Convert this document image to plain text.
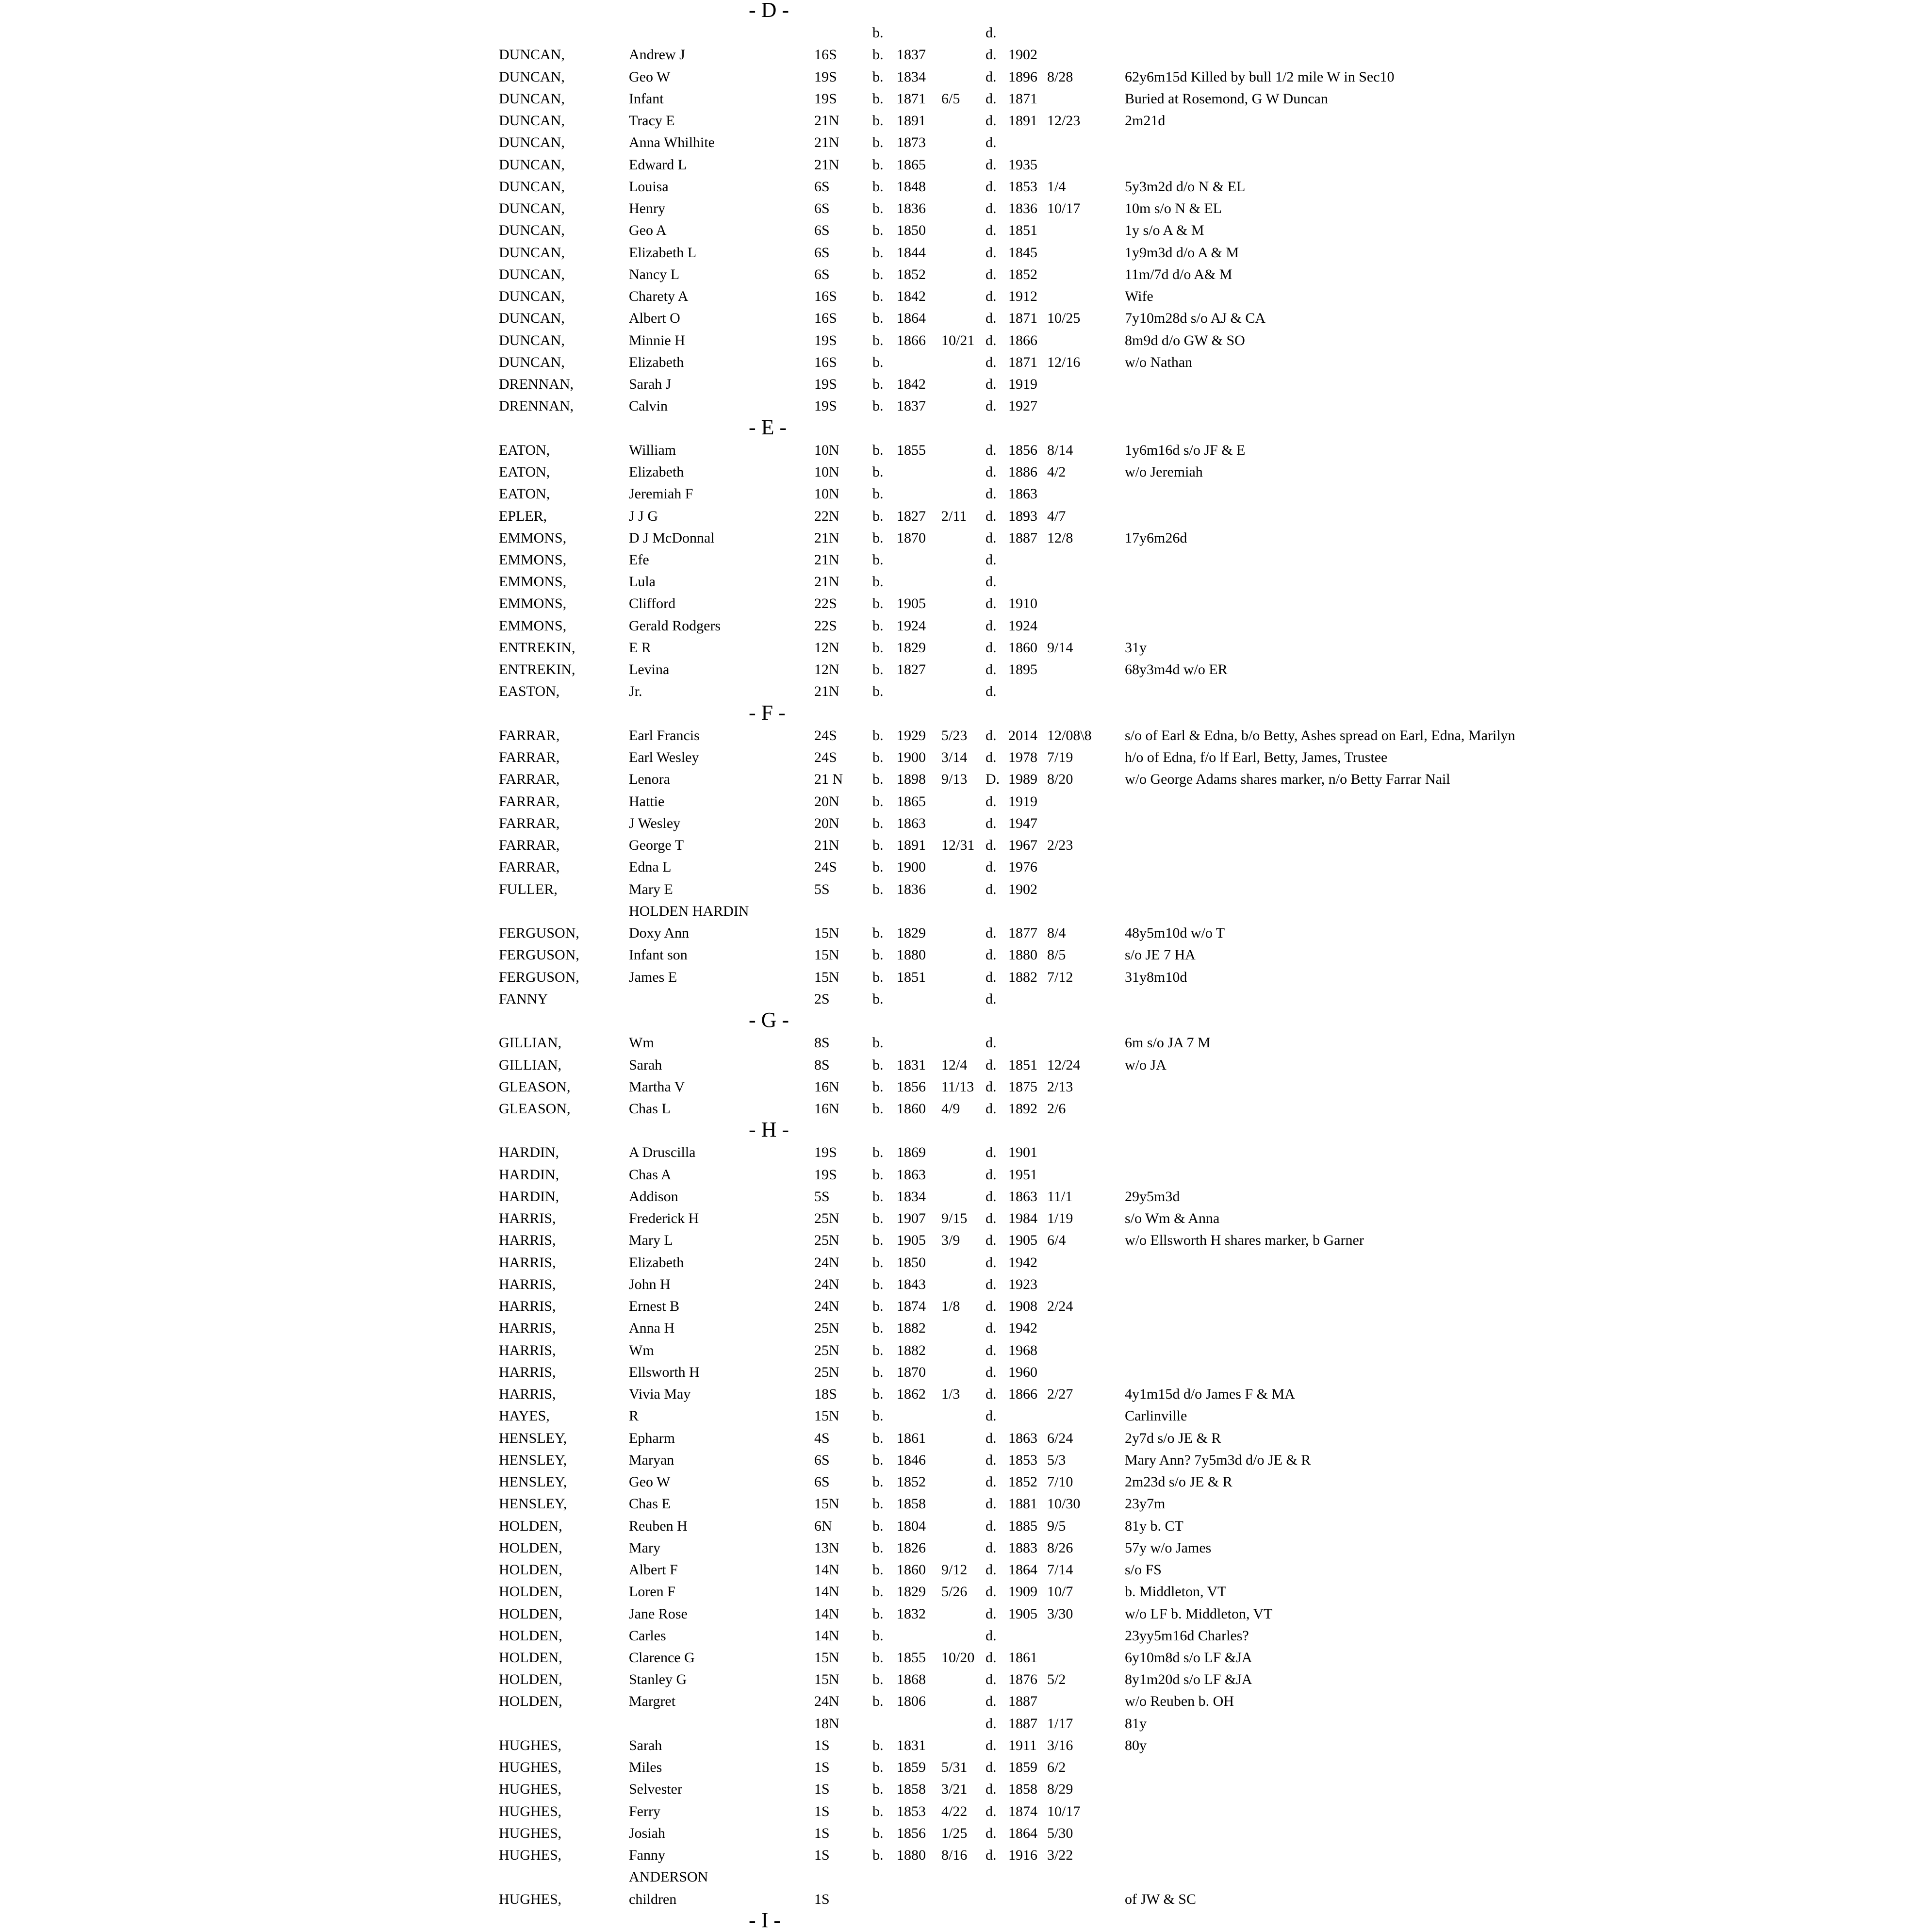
- D -
b.	d.
DUNCAN,	Andrew J	16S b. 1837	d. 1902
DUNCAN,	Geo W	19S b. 1834	d. 1896 8/28	62y6m15d Killed by bull 1/2 mile W in Sec10
DUNCAN,	Infant	19S b. 1871 6/5 d. 1871	Buried at Rosemond, G W Duncan
DUNCAN,	Tracy E	21N b. 1891	d. 1891 12/23	2m21d
DUNCAN,	Anna Whilhite	21N b. 1873	d.
DUNCAN,	Edward L	21N b. 1865	d. 1935
DUNCAN,	Louisa	6S	b. 1848	d. 1853 1/4	5y3m2d d/o N & EL
DUNCAN,	Henry	6S	b. 1836	d. 1836 10/17	10m s/o N & EL
DUNCAN,	Geo A	6S	b. 1850	d. 1851	1y s/o A & M
DUNCAN,	Elizabeth L	6S	b. 1844	d. 1845	1y9m3d d/o A & M
DUNCAN,	Nancy L	6S	b. 1852	d. 1852	11m/7d d/o A& M
DUNCAN,	Charety A	16S b. 1842	d. 1912	Wife
DUNCAN,	Albert O	16S b. 1864	d. 1871 10/25	7y10m28d s/o AJ & CA
DUNCAN,	Minnie H	19S b. 1866 10/21 d. 1866	8m9d d/o GW & SO
DUNCAN,	Elizabeth	16S b.	d. 1871 12/16	w/o Nathan
DRENNAN,	Sarah J	19S b. 1842	d. 1919
DRENNAN,	Calvin	19S b. 1837	d. 1927
- E -
EATON,	William	10N b. 1855	d. 1856 8/14	1y6m16d s/o JF & E
EATON,	Elizabeth	10N b.	d. 1886 4/2	w/o Jeremiah
EATON,	Jeremiah F	10N b.	d. 1863
EPLER,	J J G	22N b. 1827 2/11 d. 1893 4/7
EMMONS,	D J McDonnal	21N b. 1870	d. 1887 12/8	17y6m26d
EMMONS,	Efe	21N b.	d.
EMMONS,	Lula	21N b.	d.
EMMONS,	Clifford	22S b. 1905	d. 1910
EMMONS,	Gerald Rodgers	22S b. 1924	d. 1924
ENTREKIN,	E R	12N b. 1829	d. 1860 9/14	31y
ENTREKIN,	Levina	12N b. 1827	d. 1895	68y3m4d w/o ER
EASTON,	Jr.	21N b.	d.
- F -
FARRAR,	Earl Francis	24S b. 1929 5/23 d. 2014 12/08\8 s/o of Earl & Edna, b/o Betty, Ashes spread on Earl, Edna, Marilyn
FARRAR,	Earl Wesley	24S b. 1900 3/14 d. 1978 7/19	h/o of Edna, f/o lf Earl, Betty, James, Trustee
FARRAR,	Lenora	21 N b. 1898 9/13 D. 1989 8/20	w/o George Adams shares marker, n/o Betty Farrar Nail
FARRAR,	Hattie	20N b. 1865	d. 1919
FARRAR,	J Wesley	20N b. 1863	d. 1947
FARRAR,	George T	21N b. 1891 12/31 d. 1967 2/23
FARRAR,	Edna L	24S b. 1900	d. 1976
FULLER,	Mary E	5S	b. 1836	d. 1902
HOLDEN HARDIN
FERGUSON,	Doxy Ann	15N b. 1829	d. 1877 8/4	48y5m10d w/o T
FERGUSON,	Infant son	15N b. 1880	d. 1880 8/5	s/o JE 7 HA
FERGUSON,	James E	15N b. 1851	d. 1882 7/12	31y8m10d
FANNY	2S	b.	d.
- G -
GILLIAN,	Wm	8S	b.	d.	6m s/o JA 7 M
GILLIAN,	Sarah	8S	b. 1831 12/4 d. 1851 12/24	w/o JA
GLEASON,	Martha V	16N b. 1856 11/13 d. 1875 2/13
GLEASON,	Chas L	16N b. 1860 4/9 d. 1892 2/6
- H -
HARDIN,	A Druscilla	19S b. 1869	d. 1901
HARDIN,	Chas A	19S b. 1863	d. 1951
HARDIN,	Addison	5S	b. 1834	d. 1863 11/1	29y5m3d
HARRIS,	Frederick H	25N b. 1907 9/15 d. 1984 1/19	s/o Wm & Anna
HARRIS,	Mary L	25N b. 1905 3/9 d. 1905 6/4	w/o Ellsworth H shares marker, b Garner
HARRIS,	Elizabeth	24N b. 1850	d. 1942
HARRIS,	John H	24N b. 1843	d. 1923
HARRIS,	Ernest B	24N b. 1874 1/8 d. 1908 2/24
HARRIS,	Anna H	25N b. 1882	d. 1942
HARRIS,	Wm	25N b. 1882	d. 1968
HARRIS,	Ellsworth H	25N b. 1870	d. 1960
HARRIS,	Vivia May	18S b. 1862 1/3 d. 1866 2/27	4y1m15d d/o James F & MA
HAYES,	R	15N b.	d.	Carlinville
HENSLEY,	Epharm	4S	b. 1861	d. 1863 6/24	2y7d s/o JE & R
HENSLEY,	Maryan	6S	b. 1846	d. 1853 5/3	Mary Ann? 7y5m3d d/o JE & R
HENSLEY,	Geo W	6S	b. 1852	d. 1852 7/10	2m23d s/o JE & R
HENSLEY,	Chas E	15N b. 1858	d. 1881 10/30	23y7m
HOLDEN,	Reuben H	6N	b. 1804	d. 1885 9/5	81y b. CT
HOLDEN,	Mary	13N b. 1826	d. 1883 8/26	57y w/o James
HOLDEN,	Albert F	14N b. 1860 9/12 d. 1864 7/14	s/o FS
HOLDEN,	Loren F	14N b. 1829 5/26 d. 1909 10/7	b. Middleton, VT
HOLDEN,	Jane Rose	14N b. 1832	d. 1905 3/30	w/o LF b. Middleton, VT
HOLDEN,	Carles	14N b.	d.	23yy5m16d Charles?
HOLDEN,	Clarence G	15N b. 1855 10/20 d. 1861	6y10m8d s/o LF &JA
HOLDEN,	Stanley G	15N b. 1868	d. 1876 5/2	8y1m20d s/o LF &JA
HOLDEN,	Margret	24N b. 1806	d. 1887	w/o Reuben b. OH
18N	d. 1887 1/17	81y
HUGHES,	Sarah	1S	b. 1831	d. 1911 3/16	80y
HUGHES,	Miles	1S	b. 1859 5/31 d. 1859 6/2
HUGHES,	Selvester	1S	b. 1858 3/21 d. 1858 8/29
HUGHES,	Ferry	1S	b. 1853 4/22 d. 1874 10/17
HUGHES,	Josiah	1S	b. 1856 1/25 d. 1864 5/30
HUGHES,	Fanny	1S	b. 1880 8/16 d. 1916 3/22
ANDERSON
HUGHES,	children	1S	of JW & SC
- I -
